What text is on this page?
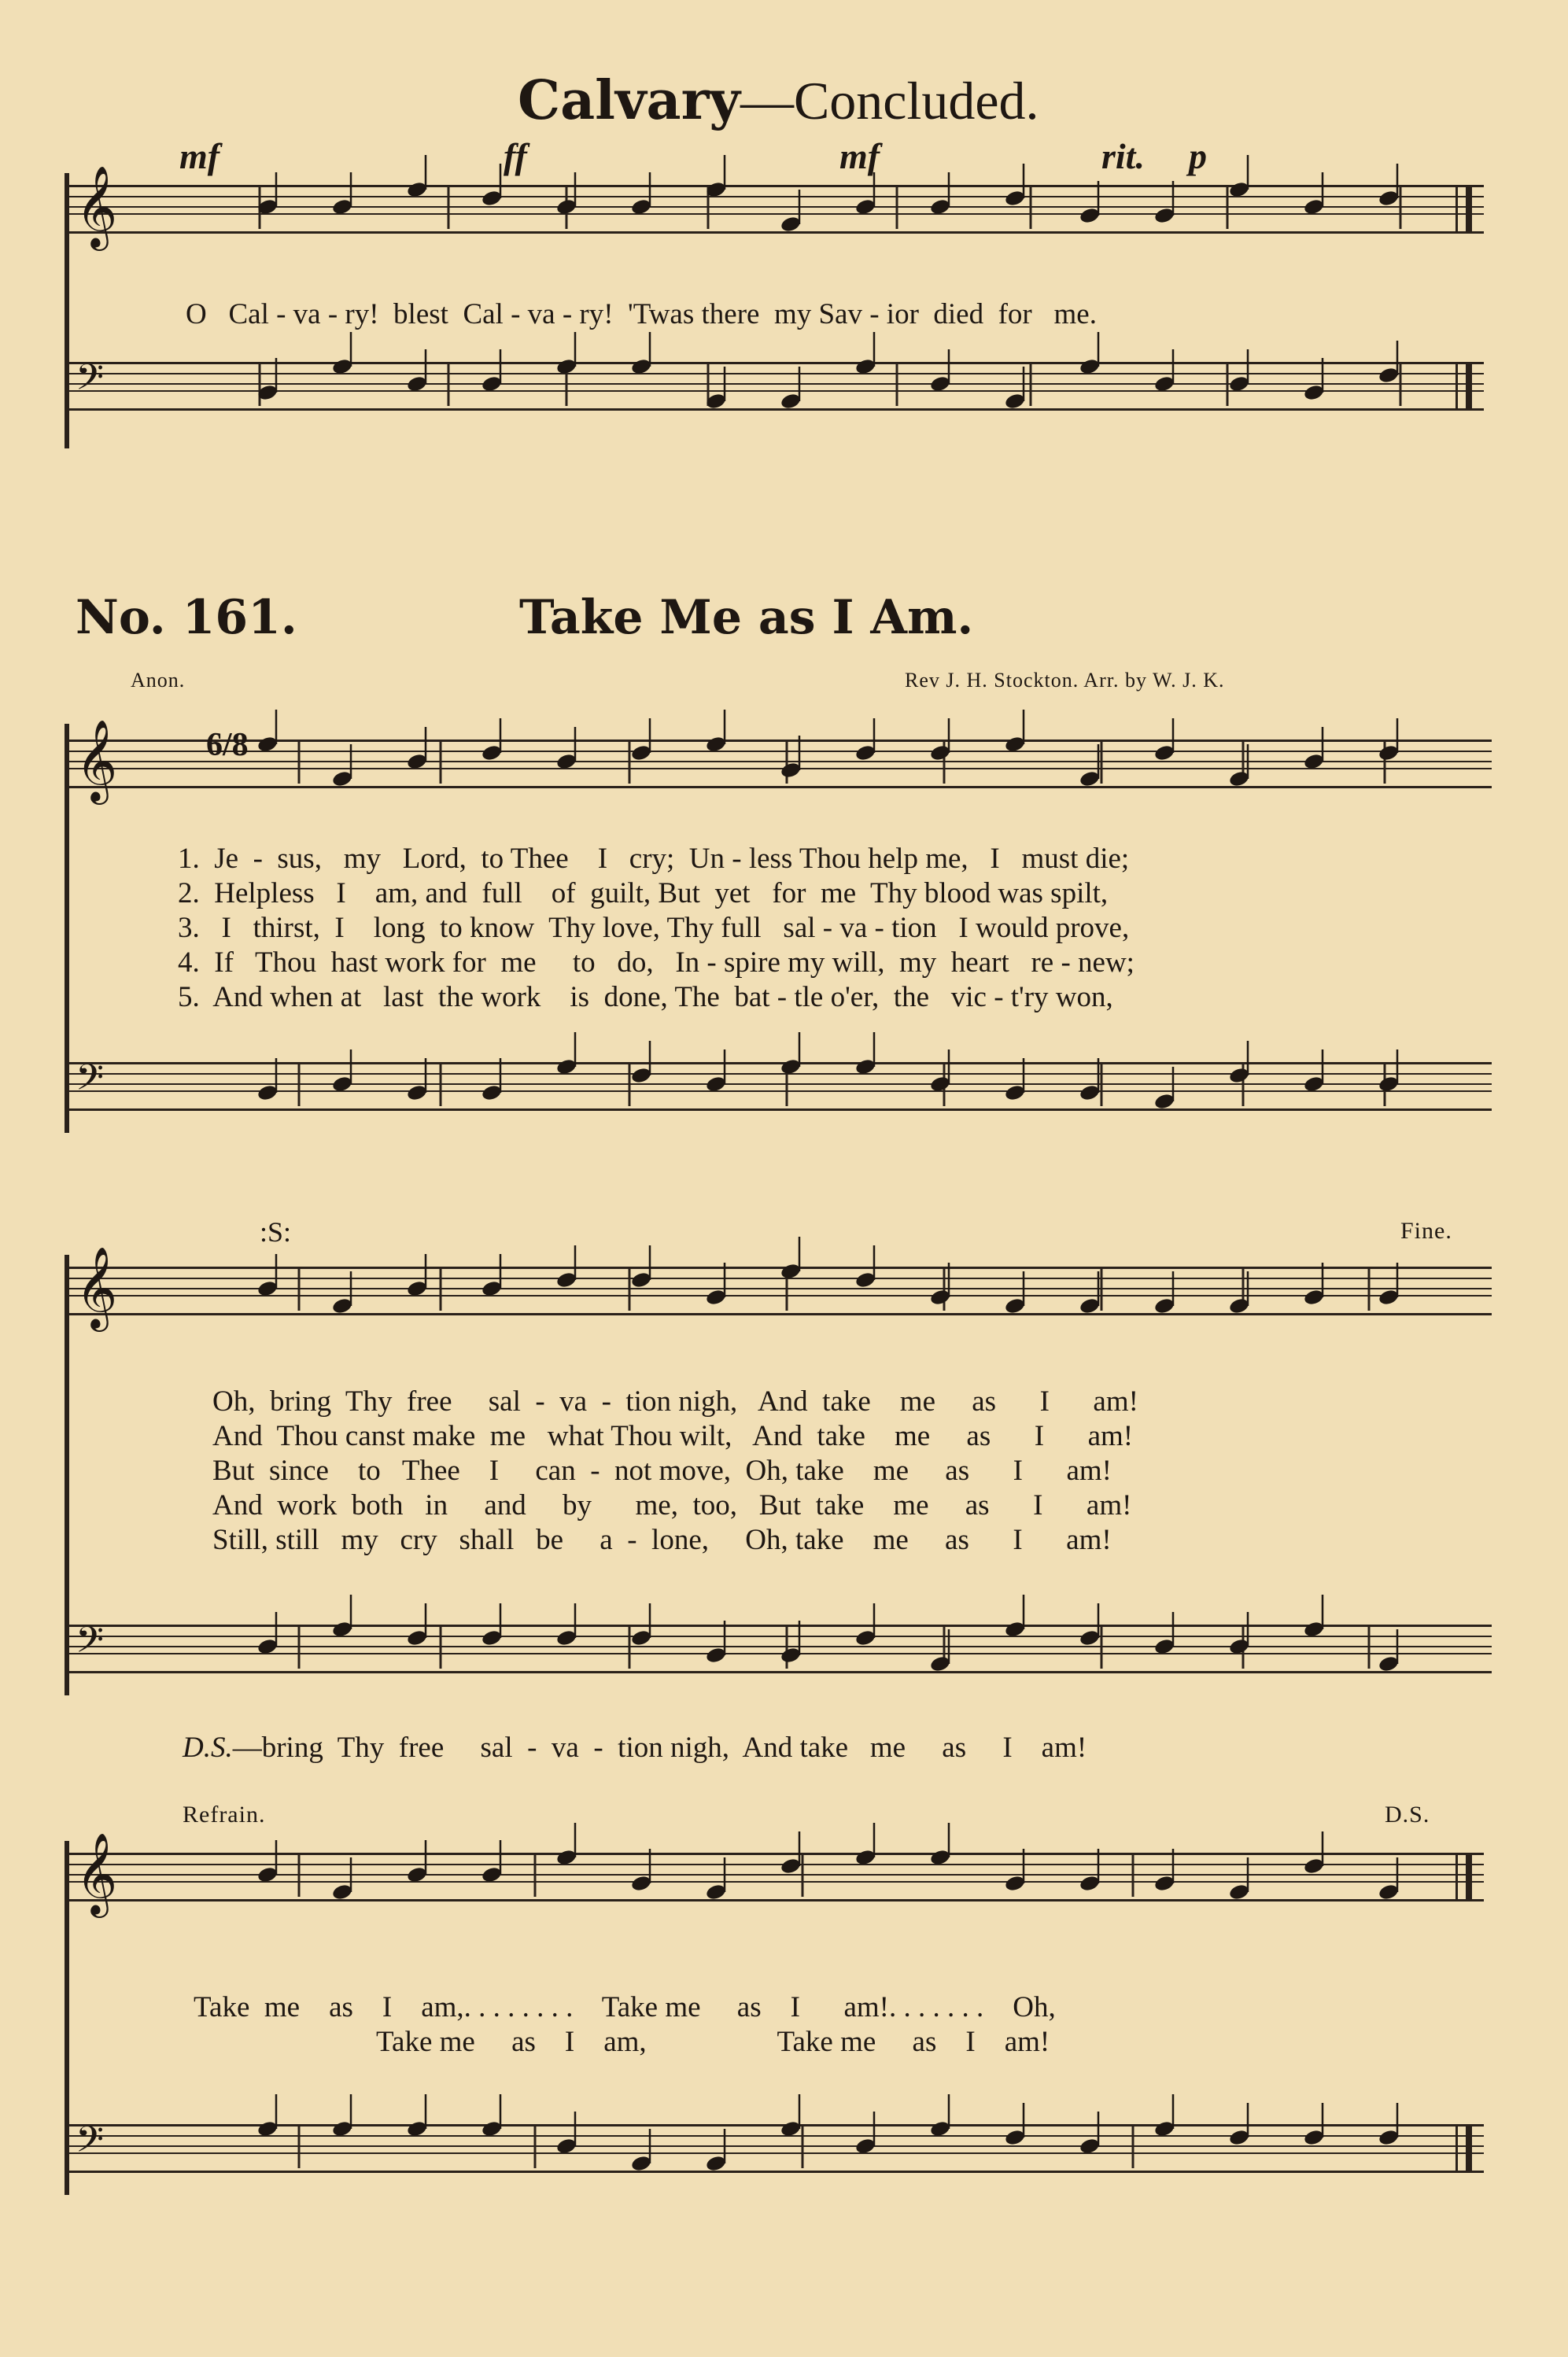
Calvary—Concluded.
mf	ff	mf	rit. p
𝄞
O   Cal - va - ry!  blest  Cal - va - ry!  'Twas there  my Sav - ior  died  for   me.
𝄢
No. 161.	Take Me as I Am.
Anon.	Rev J. H. Stockton. Arr. by W. J. K.
𝄞	6/8
1.  Je  -  sus,   my   Lord,  to Thee    I   cry;  Un - less Thou help me,   I   must die;
2.  Helpless   I    am, and  full    of  guilt, But  yet   for  me  Thy blood was spilt,
3.   I   thirst,  I    long  to know  Thy love, Thy full   sal - va - tion   I would prove,
4.  If   Thou  hast work for  me     to   do,   In - spire my will,  my  heart   re - new;
5.  And when at   last  the work    is  done, The  bat - tle o'er,  the   vic - t'ry won,
𝄢
:S:	Fine.
𝄞
Oh,  bring  Thy  free     sal  -  va  -  tion nigh,   And  take    me     as      I      am!
And  Thou canst make  me   what Thou wilt,   And  take    me     as      I      am!
But  since    to   Thee    I     can  -  not move,  Oh, take    me     as      I      am!
And  work  both   in     and     by      me,  too,   But  take    me     as      I      am!
Still, still   my   cry   shall   be     a  -  lone,     Oh, take    me     as      I      am!
𝄢
D.S.—bring  Thy  free     sal  -  va  -  tion nigh,  And take   me     as     I    am!
Refrain.	D.S.
𝄞
Take  me    as    I    am,. . . . . . . .    Take me     as    I      am!. . . . . . .    Oh,
Take me     as    I    am,                  Take me     as    I    am!
𝄢
